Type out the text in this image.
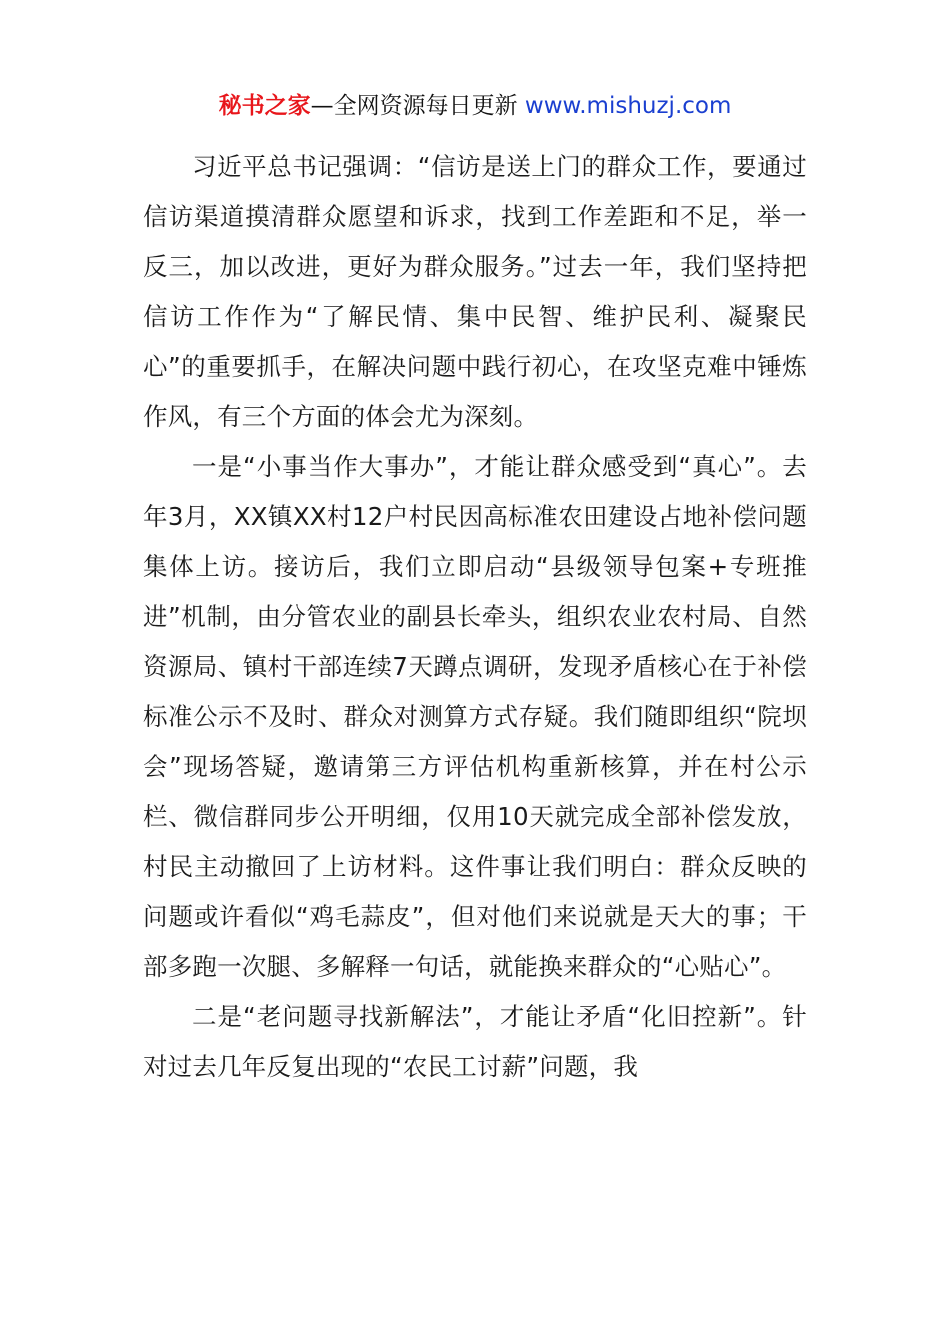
秘书之家—全网资源每日更新 www.mishuzj.com

习近平总书记强调：“信访是送上门的群众工作，要通过信访渠道摸清群众愿望和诉求，找到工作差距和不足，举一反三，加以改进，更好为群众服务。”过去一年，我们坚持把信访工作作为“了解民情、集中民智、维护民利、凝聚民心”的重要抓手，在解决问题中践行初心，在攻坚克难中锤炼作风，有三个方面的体会尤为深刻。

一是“小事当作大事办”，才能让群众感受到“真心”。去年3月，XX镇XX村12户村民因高标准农田建设占地补偿问题集体上访。接访后，我们立即启动“县级领导包案+专班推进”机制，由分管农业的副县长牵头，组织农业农村局、自然资源局、镇村干部连续7天蹲点调研，发现矛盾核心在于补偿标准公示不及时、群众对测算方式存疑。我们随即组织“院坝会”现场答疑，邀请第三方评估机构重新核算，并在村公示栏、微信群同步公开明细，仅用10天就完成全部补偿发放，村民主动撤回了上访材料。这件事让我们明白：群众反映的问题或许看似“鸡毛蒜皮”，但对他们来说就是天大的事；干部多跑一次腿、多解释一句话，就能换来群众的“心贴心”。

二是“老问题寻找新解法”，才能让矛盾“化旧控新”。针对过去几年反复出现的“农民工讨薪”问题，我
